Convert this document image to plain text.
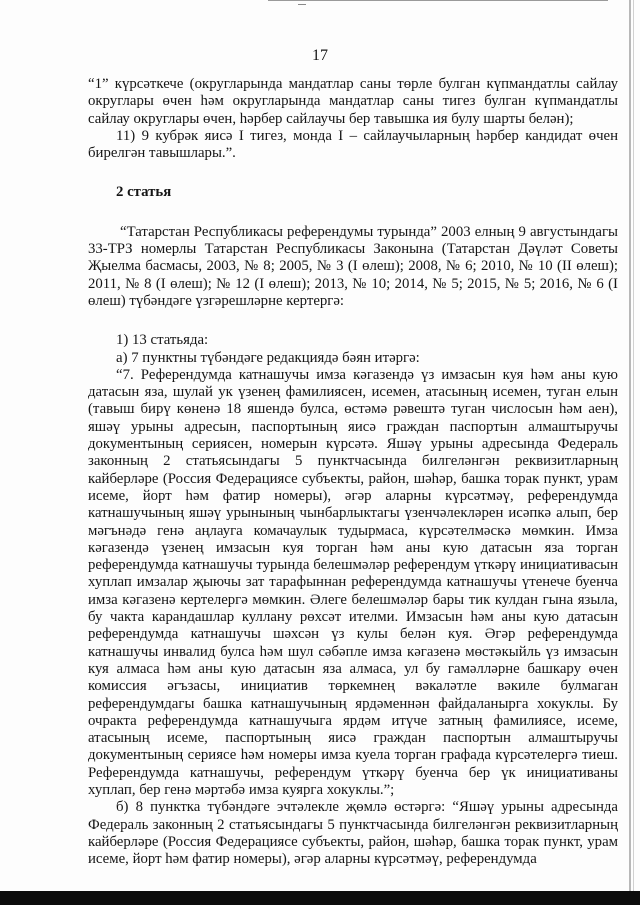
17

“1” күрсәткече (округларында мандатлар саны төрле булган күпмандатлы сайлау округлары өчен һәм округларында мандатлар саны тигез булган күпмандатлы сайлау округлары өчен, һәрбер сайлаучы бер тавышка ия булу шарты белән);

11) 9 кубрәк яисә I тигез, монда I – сайлаучыларның һәрбер кандидат өчен бирелгән тавышлары.”.

2 статья

“Татарстан Республикасы референдумы турында” 2003 елның 9 августындагы 33-ТРЗ номерлы Татарстан Республикасы Законына (Татарстан Дәүләт Советы Җыелма басмасы, 2003, № 8; 2005, № 3 (I өлеш); 2008, № 6; 2010, № 10 (II өлеш); 2011, № 8 (I өлеш); № 12 (I өлеш); 2013, № 10; 2014, № 5; 2015, № 5; 2016, № 6 (I өлеш) түбәндәге үзгәрешләрне кертергә:

1) 13 статьяда:

а) 7 пунктны түбәндәге редакциядә бәян итәргә:

“7. Референдумда катнашучы имза кәгазендә үз имзасын куя һәм аны кую датасын яза, шулай ук үзенең фамилиясен, исемен, атасының исемен, туган елын (тавыш бирү көненә 18 яшендә булса, өстәмә рәвештә туган числосын һәм аен), яшәү урыны адресын, паспортының яисә граждан паспортын алмаштыручы документының сериясен, номерын күрсәтә. Яшәү урыны адресында Федераль законның 2 статьясындагы 5 пунктчасында билгеләнгән реквизитларның кайберләре (Россия Федерациясе субъекты, район, шәһәр, башка торак пункт, урам исеме, йорт һәм фатир номеры), әгәр аларны күрсәтмәү, референдумда катнашучының яшәү урынының чынбарлыктагы үзенчәлекләрен исәпкә алып, бер мәгънәдә генә аңлауга комачаулык тудырмаса, күрсәтелмәскә мөмкин. Имза кәгазендә үзенең имзасын куя торган һәм аны кую датасын яза торган референдумда катнашучы турында белешмәләр референдум үткәрү инициативасын хуплап имзалар җыючы зат тарафыннан референдумда катнашучы үтенече буенча имза кәгазенә кертелергә мөмкин. Әлеге белешмәләр бары тик кулдан гына языла, бу чакта карандашлар куллану рөхсәт ителми. Имзасын һәм аны кую датасын референдумда катнашучы шәхсән үз кулы белән куя. Әгәр референдумда катнашучы инвалид булса һәм шул сәбәпле имза кәгазенә мөстәкыйль үз имзасын куя алмаса һәм аны кую датасын яза алмаса, ул бу гамәлләрне башкару өчен комиссия әгъзасы, инициатив төркемнең вәкаләтле вәкиле булмаган референдумдагы башка катнашучының ярдәменнән файдаланырга хокуклы. Бу очракта референдумда катнашучыга ярдәм итүче затның фамилиясе, исеме, атасының исеме, паспортының яисә граждан паспортын алмаштыручы документының сериясе һәм номеры имза куела торган графада күрсәтелергә тиеш. Референдумда катнашучы, референдум үткәрү буенча бер үк инициативаны хуплап, бер генә мәртәбә имза куярга хокуклы.”;

б) 8 пунктка түбәндәге эчтәлекле җөмлә өстәргә: “Яшәү урыны адресында Федераль законның 2 статьясындагы 5 пунктчасында билгеләнгән реквизитларның кайберләре (Россия Федерациясе субъекты, район, шәһәр, башка торак пункт, урам исеме, йорт һәм фатир номеры), әгәр аларны күрсәтмәү, референдумда
